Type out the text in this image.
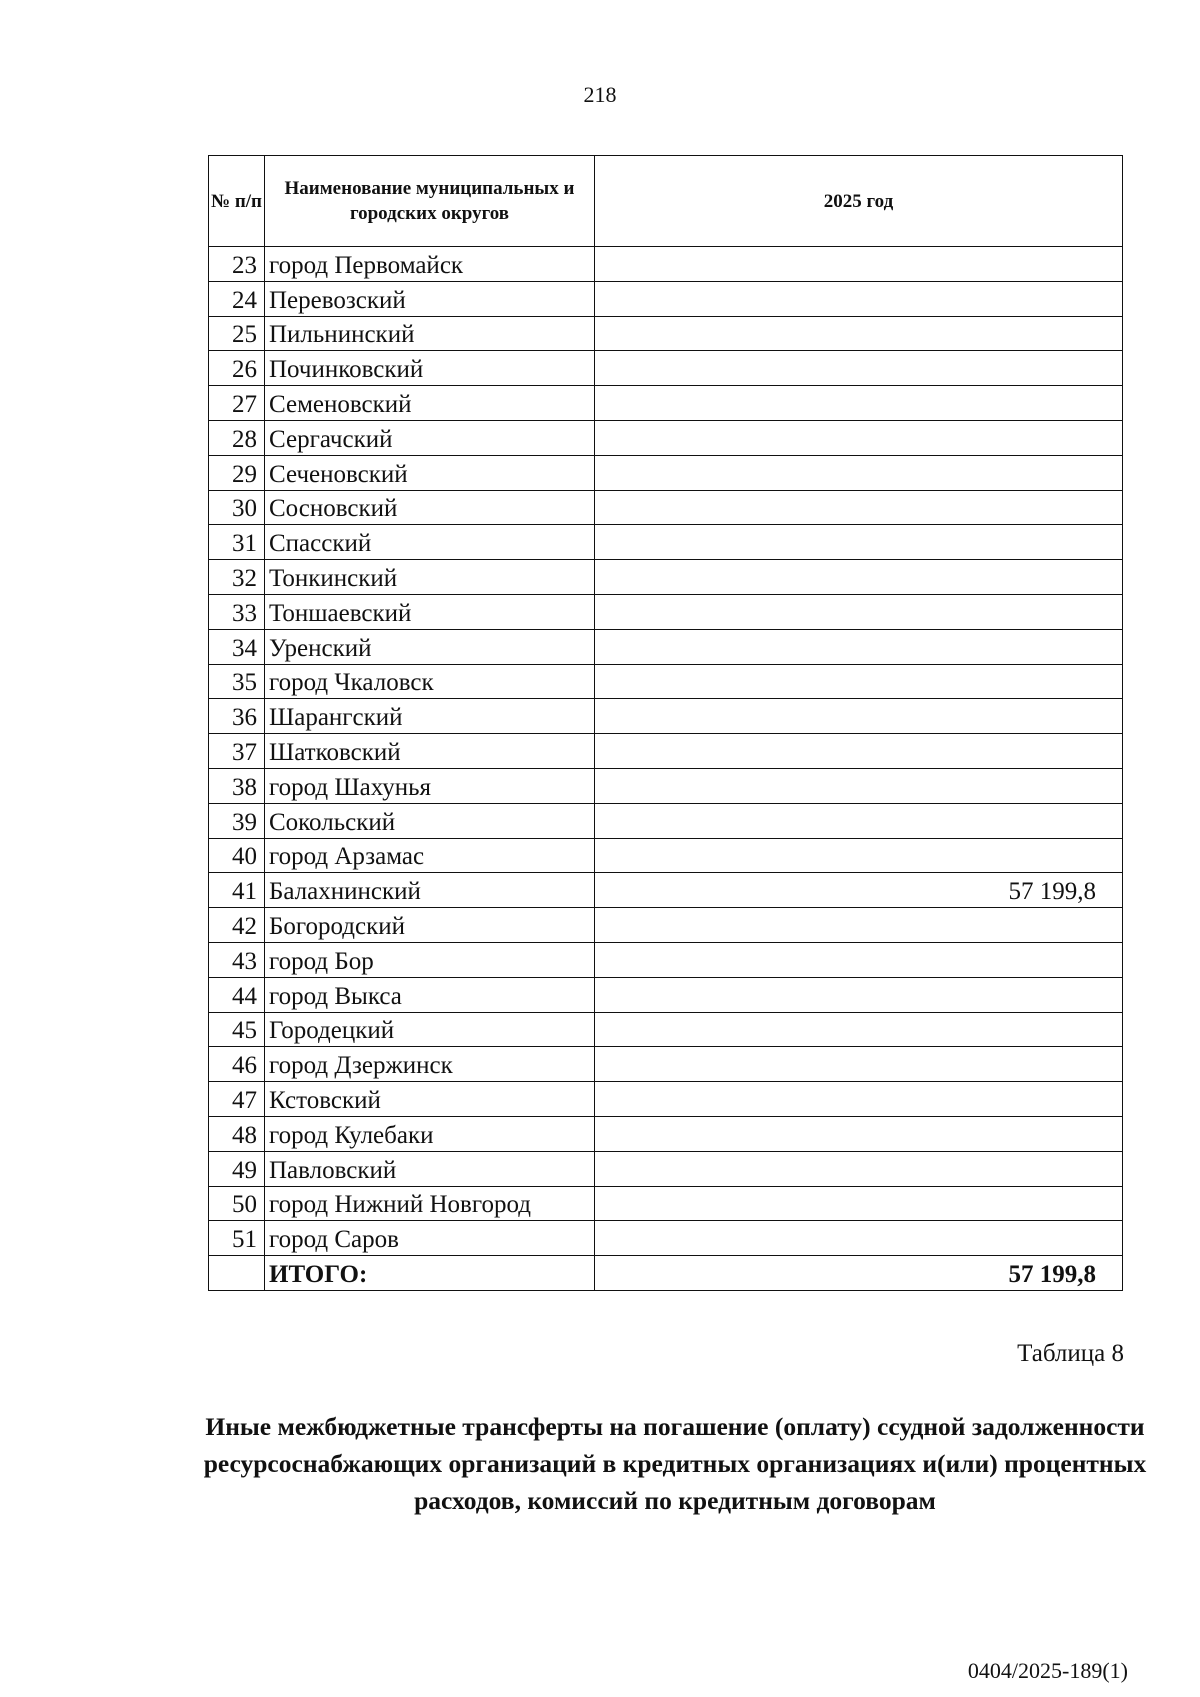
218
№ п/п	Наименование муниципальных и городских округов	2025 год
23	город Первомайск	
24	Перевозский	
25	Пильнинский	
26	Починковский	
27	Семеновский	
28	Сергачский	
29	Сеченовский	
30	Сосновский	
31	Спасский	
32	Тонкинский	
33	Тоншаевский	
34	Уренский	
35	город Чкаловск	
36	Шарангский	
37	Шатковский	
38	город Шахунья	
39	Сокольский	
40	город Арзамас	
41	Балахнинский	57 199,8
42	Богородский	
43	город Бор	
44	город Выкса	
45	Городецкий	
46	город Дзержинск	
47	Кстовский	
48	город Кулебаки	
49	Павловский	
50	город Нижний Новгород	
51	город Саров	
	ИТОГО:	57 199,8
Таблица 8
Иные межбюджетные трансферты на погашение (оплату) ссудной задолженности ресурсоснабжающих организаций в кредитных организациях и(или) процентных расходов, комиссий по кредитным договорам
0404/2025-189(1)
